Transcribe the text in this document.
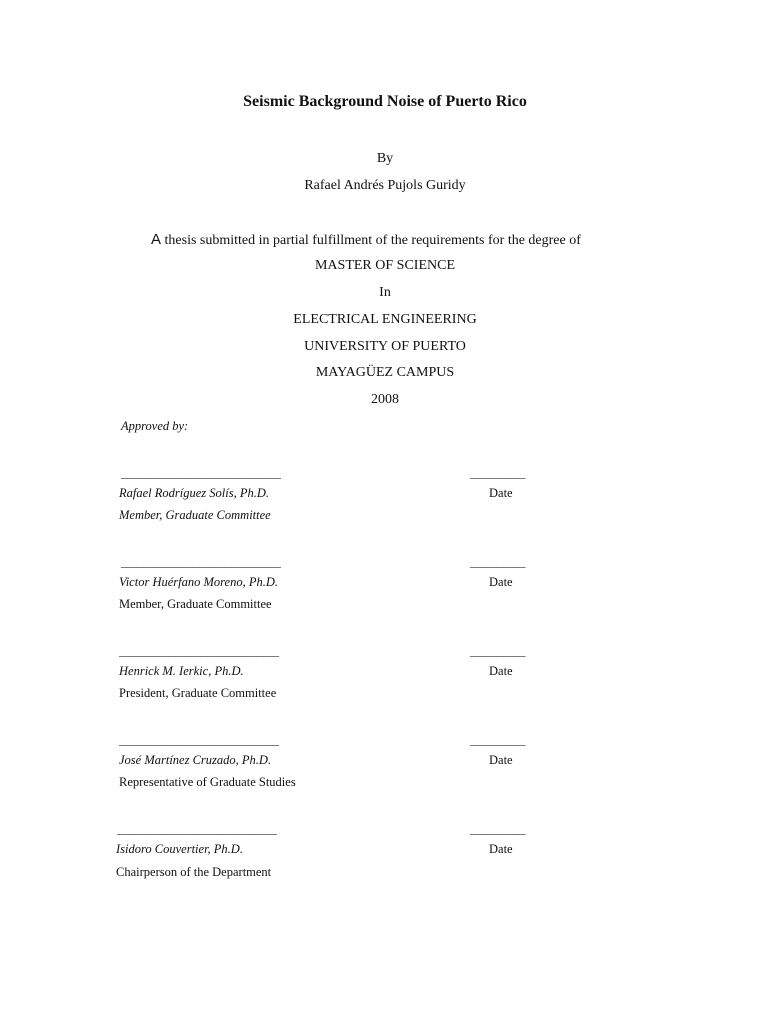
Seismic Background Noise of Puerto Rico
By
Rafael Andrés Pujols Guridy
A thesis submitted in partial fulfillment of the requirements for the degree of
MASTER OF SCIENCE
In
ELECTRICAL ENGINEERING
UNIVERSITY OF PUERTO
MAYAGÜEZ CAMPUS
2008
Approved by:
_____________________________	__________
Rafael Rodríguez Solís, Ph.D.	Date
Member, Graduate Committee
_____________________________	__________
Victor Huérfano Moreno, Ph.D.	Date
Member, Graduate Committee
_____________________________	__________
Henrick M. Ierkic, Ph.D.	Date
President, Graduate Committee
_____________________________	__________
José Martínez Cruzado, Ph.D.	Date
Representative of Graduate Studies
_____________________________	__________
Isidoro Couvertier, Ph.D.	Date
Chairperson of the Department
